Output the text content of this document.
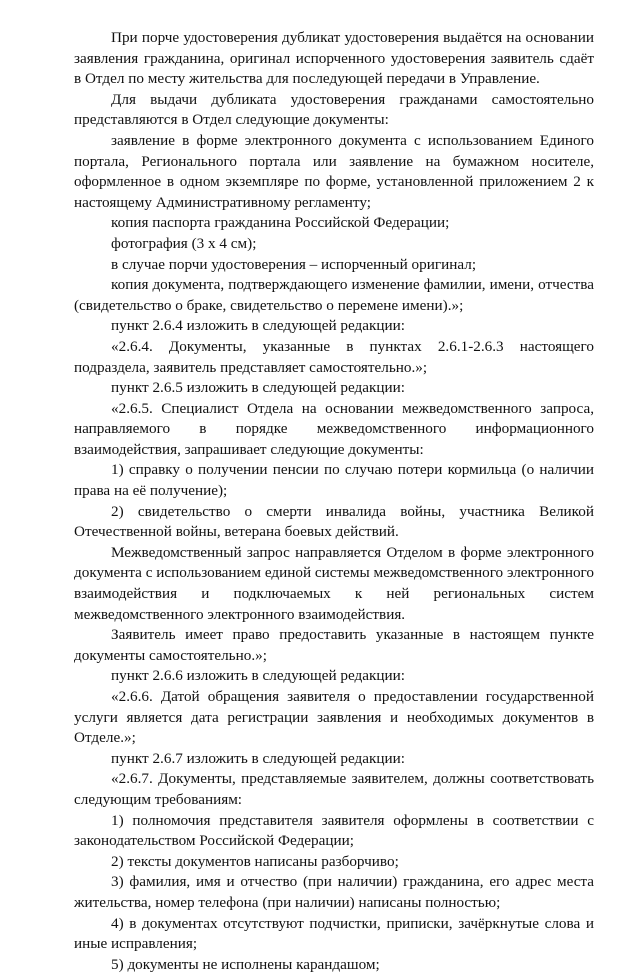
При порче удостоверения дубликат удостоверения выдаётся на основании заявления гражданина, оригинал испорченного удостоверения заявитель сдаёт в Отдел по месту жительства для последующей передачи в Управление.

Для выдачи дубликата удостоверения гражданами самостоятельно представляются в Отдел следующие документы:

заявление в форме электронного документа с использованием Единого портала, Регионального портала или заявление на бумажном носителе, оформленное в одном экземпляре по форме, установленной приложением 2 к настоящему Административному регламенту;

копия паспорта гражданина Российской Федерации;

фотография (3 х 4 см);

в случае порчи удостоверения – испорченный оригинал;

копия документа, подтверждающего изменение фамилии, имени, отчества (свидетельство о браке, свидетельство о перемене имени).»;

пункт 2.6.4 изложить в следующей редакции:

«2.6.4. Документы, указанные в пунктах 2.6.1-2.6.3 настоящего подраздела, заявитель представляет самостоятельно.»;

пункт 2.6.5 изложить в следующей редакции:

«2.6.5. Специалист Отдела на основании межведомственного запроса, направляемого в порядке межведомственного информационного взаимодействия, запрашивает следующие документы:

1) справку о получении пенсии по случаю потери кормильца (о наличии права на её получение);

2) свидетельство о смерти инвалида войны, участника Великой Отечественной войны, ветерана боевых действий.

Межведомственный запрос направляется Отделом в форме электронного документа с использованием единой системы межведомственного электронного взаимодействия и подключаемых к ней региональных систем межведомственного электронного взаимодействия.

Заявитель имеет право предоставить указанные в настоящем пункте документы самостоятельно.»;

пункт 2.6.6 изложить в следующей редакции:

«2.6.6. Датой обращения заявителя о предоставлении государственной услуги является дата регистрации заявления и необходимых документов в Отделе.»;

пункт 2.6.7 изложить в следующей редакции:

«2.6.7. Документы, представляемые заявителем, должны соответствовать следующим требованиям:

1) полномочия представителя заявителя оформлены в соответствии с законодательством Российской Федерации;

2) тексты документов написаны разборчиво;

3) фамилия, имя и отчество (при наличии) гражданина, его адрес места жительства, номер телефона (при наличии) написаны полностью;

4) в документах отсутствуют подчистки, приписки, зачёркнутые слова и иные исправления;

5) документы не исполнены карандашом;
